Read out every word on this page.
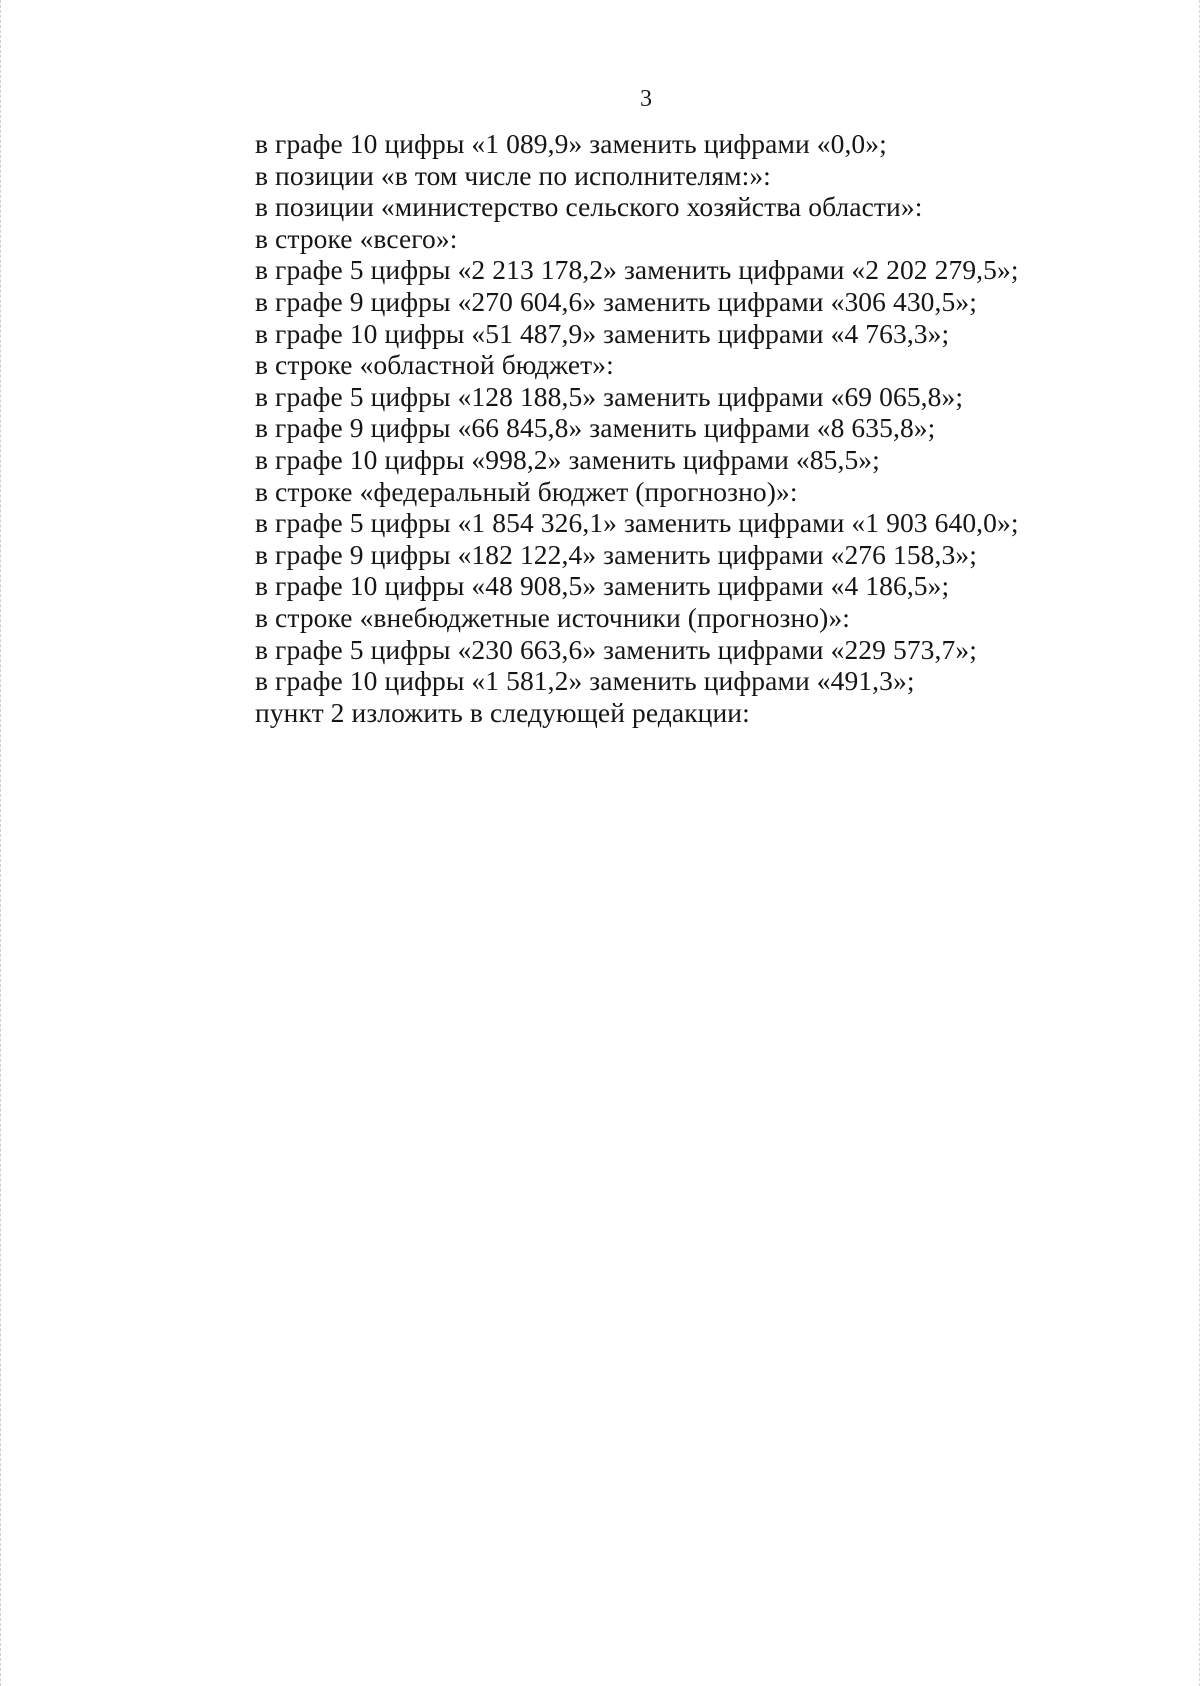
3

в графе 10 цифры «1 089,9» заменить цифрами «0,0»;

в позиции «в том числе по исполнителям:»:

в позиции «министерство сельского хозяйства области»:

в строке «всего»:

в графе 5 цифры «2 213 178,2» заменить цифрами «2 202 279,5»;

в графе 9 цифры «270 604,6» заменить цифрами «306 430,5»;

в графе 10 цифры «51 487,9» заменить цифрами «4 763,3»;

в строке «областной бюджет»:

в графе 5 цифры «128 188,5» заменить цифрами «69 065,8»;

в графе 9 цифры «66 845,8» заменить цифрами «8 635,8»;

в графе 10 цифры «998,2» заменить цифрами «85,5»;

в строке «федеральный бюджет (прогнозно)»:

в графе 5 цифры «1 854 326,1» заменить цифрами «1 903 640,0»;

в графе 9 цифры «182 122,4» заменить цифрами «276 158,3»;

в графе 10 цифры «48 908,5» заменить цифрами «4 186,5»;

в строке «внебюджетные источники (прогнозно)»:

в графе 5 цифры «230 663,6» заменить цифрами «229 573,7»;

в графе 10 цифры «1 581,2» заменить цифрами «491,3»;

пункт 2 изложить в следующей редакции:
